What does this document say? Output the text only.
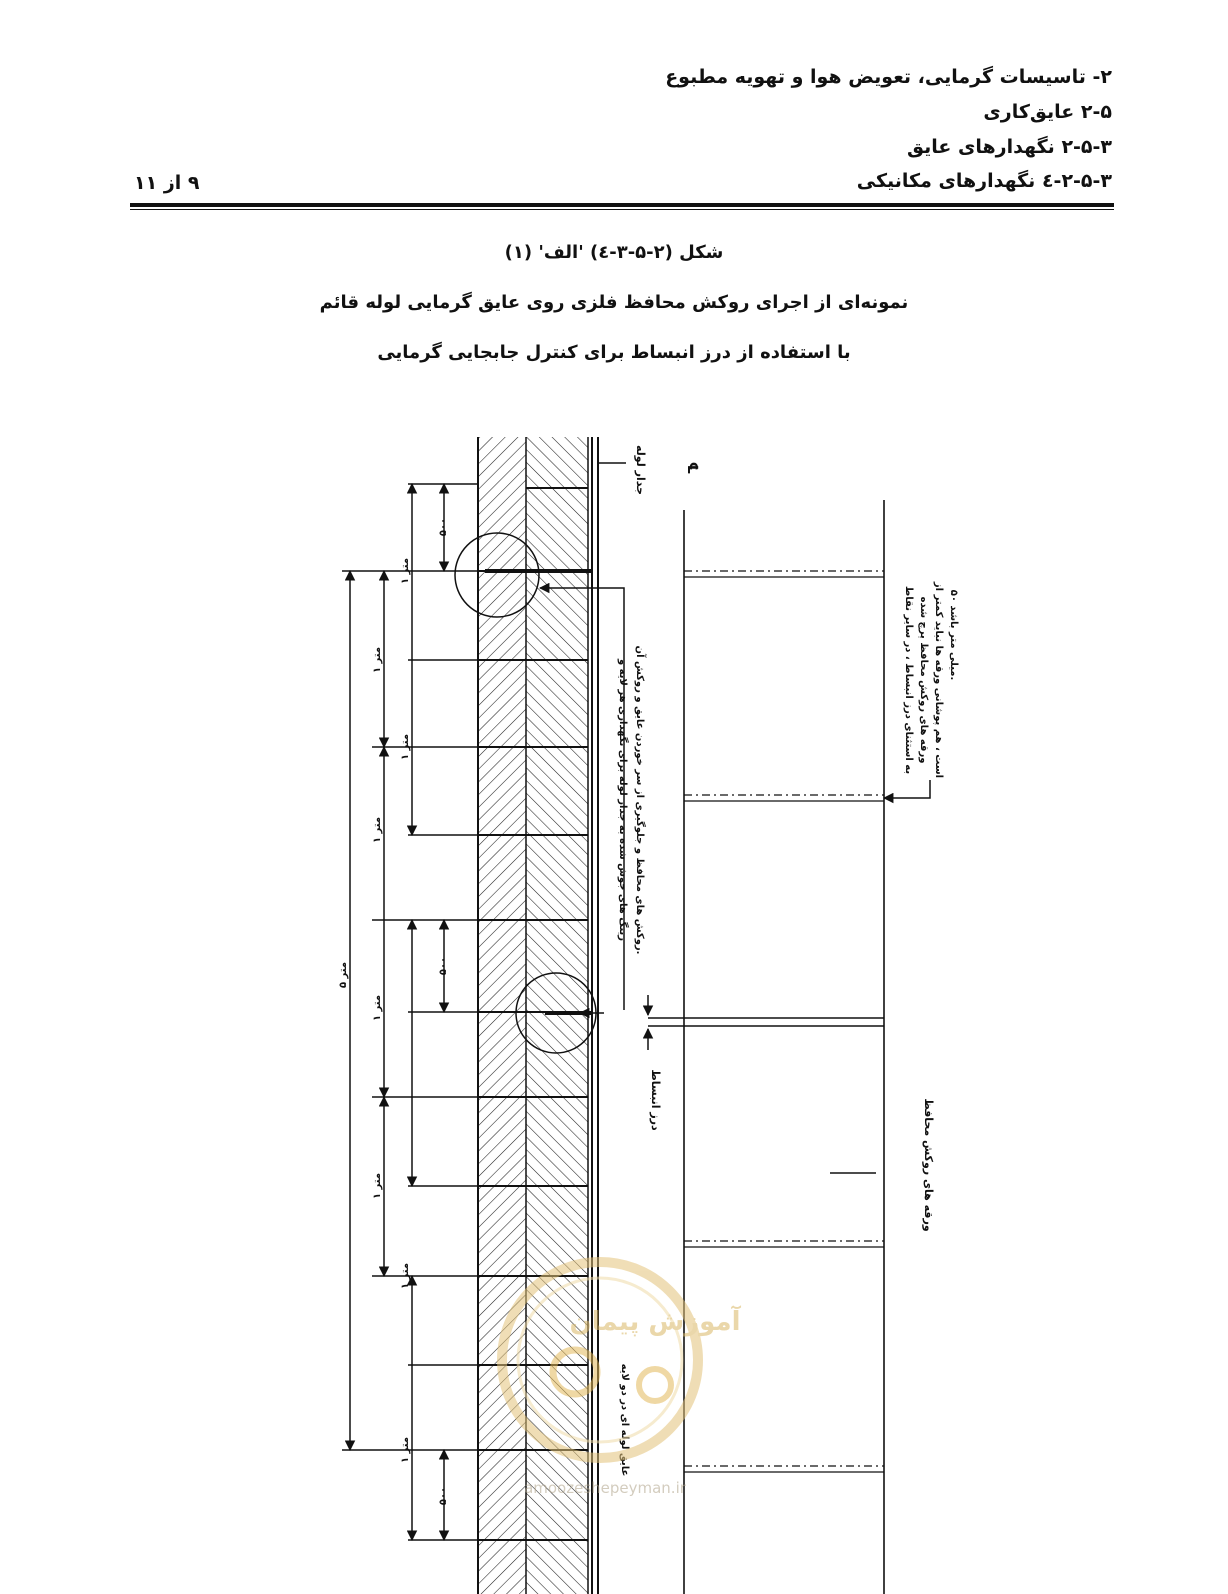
۲- تاسیسات گرمایی، تعویض هوا و تهویه مطبوع
۲-۵ عایق‌کاری
۲-۵-۳ نگهدارهای عایق
۲-۵-۳-٤ نگهدارهای مکانیکی
۹ از ۱۱
شکل (۲-۵-۳-٤) 'الف' (۱)
نمونه‌ای از اجرای روکش محافظ فلزی روی عایق گرمایی لوله قائم
با استفاده از درز انبساط برای کنترل جابجایی گرمایی
۵۰۰
۵۰۰
۵۰۰
۱ متر
۱ متر
۱ متر
۱ متر
۱ متر
۱ متر
۱ متر
۱ متر
۵ متر
جدار لوله	℄
رینگ های جوش شده به جدار لوله برای نگهداری هر لایه و روکش های محافظ و جلوگیری از سر خوردن عایق و روکش آن.
درز انبساط
به استثنای درز انبساط ، در سایر نقاط ورقه های روکش محافظ پرچ شده است ، هم پوشانی ورقه ها نباید کمتر از ۵۰ میلی متر باشد.
ورقه های روکش محافظ
عایق لوله ای در دو لایه
آموزش پیمان
amoozeshepeyman.ir
